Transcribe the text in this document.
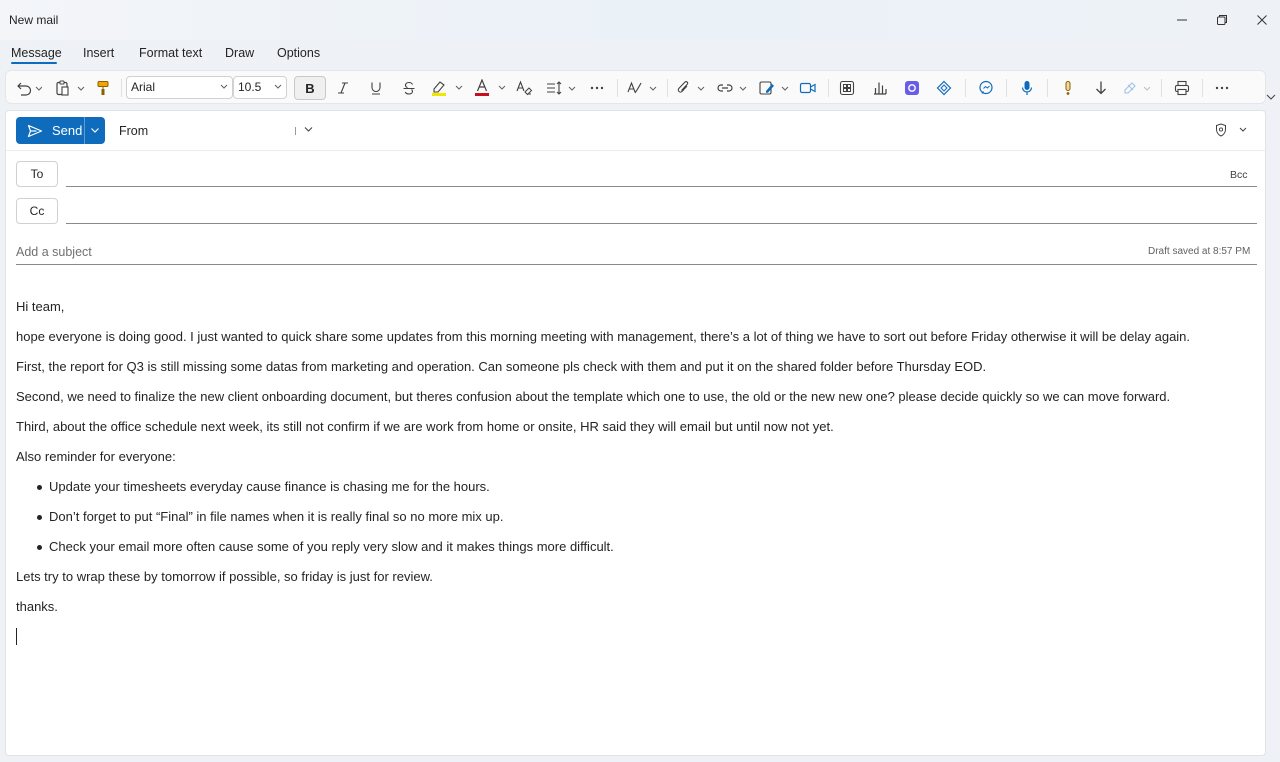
New mail
Message Insert Format text Draw Options
Arial	10.5	B
Send	From
To	Bcc
Cc
Add a subject	Draft saved at 8:57 PM
Hi team,
hope everyone is doing good. I just wanted to quick share some updates from this morning meeting with management, there’s a lot of thing we have to sort out before Friday otherwise it will be delay again.
First, the report for Q3 is still missing some datas from marketing and operation. Can someone pls check with them and put it on the shared folder before Thursday EOD.
Second, we need to finalize the new client onboarding document, but theres confusion about the template which one to use, the old or the new new one? please decide quickly so we can move forward.
Third, about the office schedule next week, its still not confirm if we are work from home or onsite, HR said they will email but until now not yet.
Also reminder for everyone:
Update your timesheets everyday cause finance is chasing me for the hours.
Don’t forget to put “Final” in file names when it is really final so no more mix up.
Check your email more often cause some of you reply very slow and it makes things more difficult.
Lets try to wrap these by tomorrow if possible, so friday is just for review.
thanks.
